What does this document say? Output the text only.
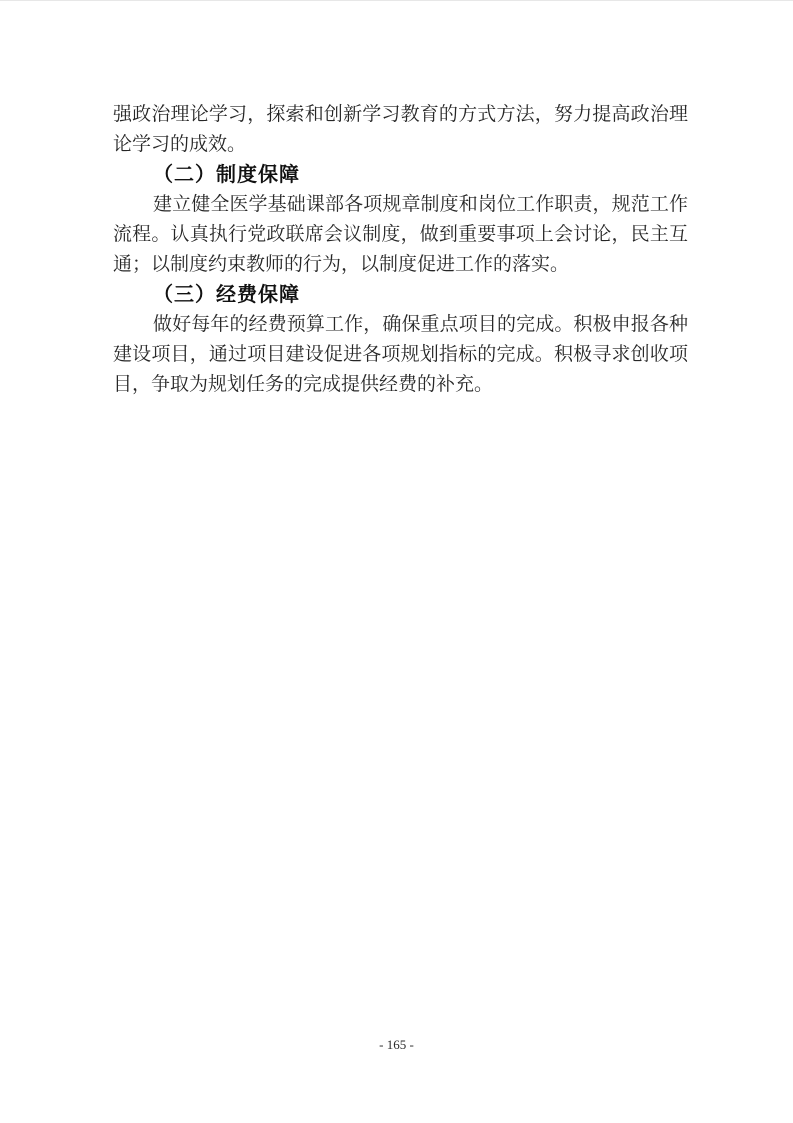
强政治理论学习，探索和创新学习教育的方式方法，努力提高政治理
论学习的成效。
（二）制度保障
建立健全医学基础课部各项规章制度和岗位工作职责，规范工作
流程。认真执行党政联席会议制度，做到重要事项上会讨论，民主互
通；以制度约束教师的行为，以制度促进工作的落实。
（三）经费保障
做好每年的经费预算工作，确保重点项目的完成。积极申报各种
建设项目，通过项目建设促进各项规划指标的完成。积极寻求创收项
目，争取为规划任务的完成提供经费的补充。
- 165 -
